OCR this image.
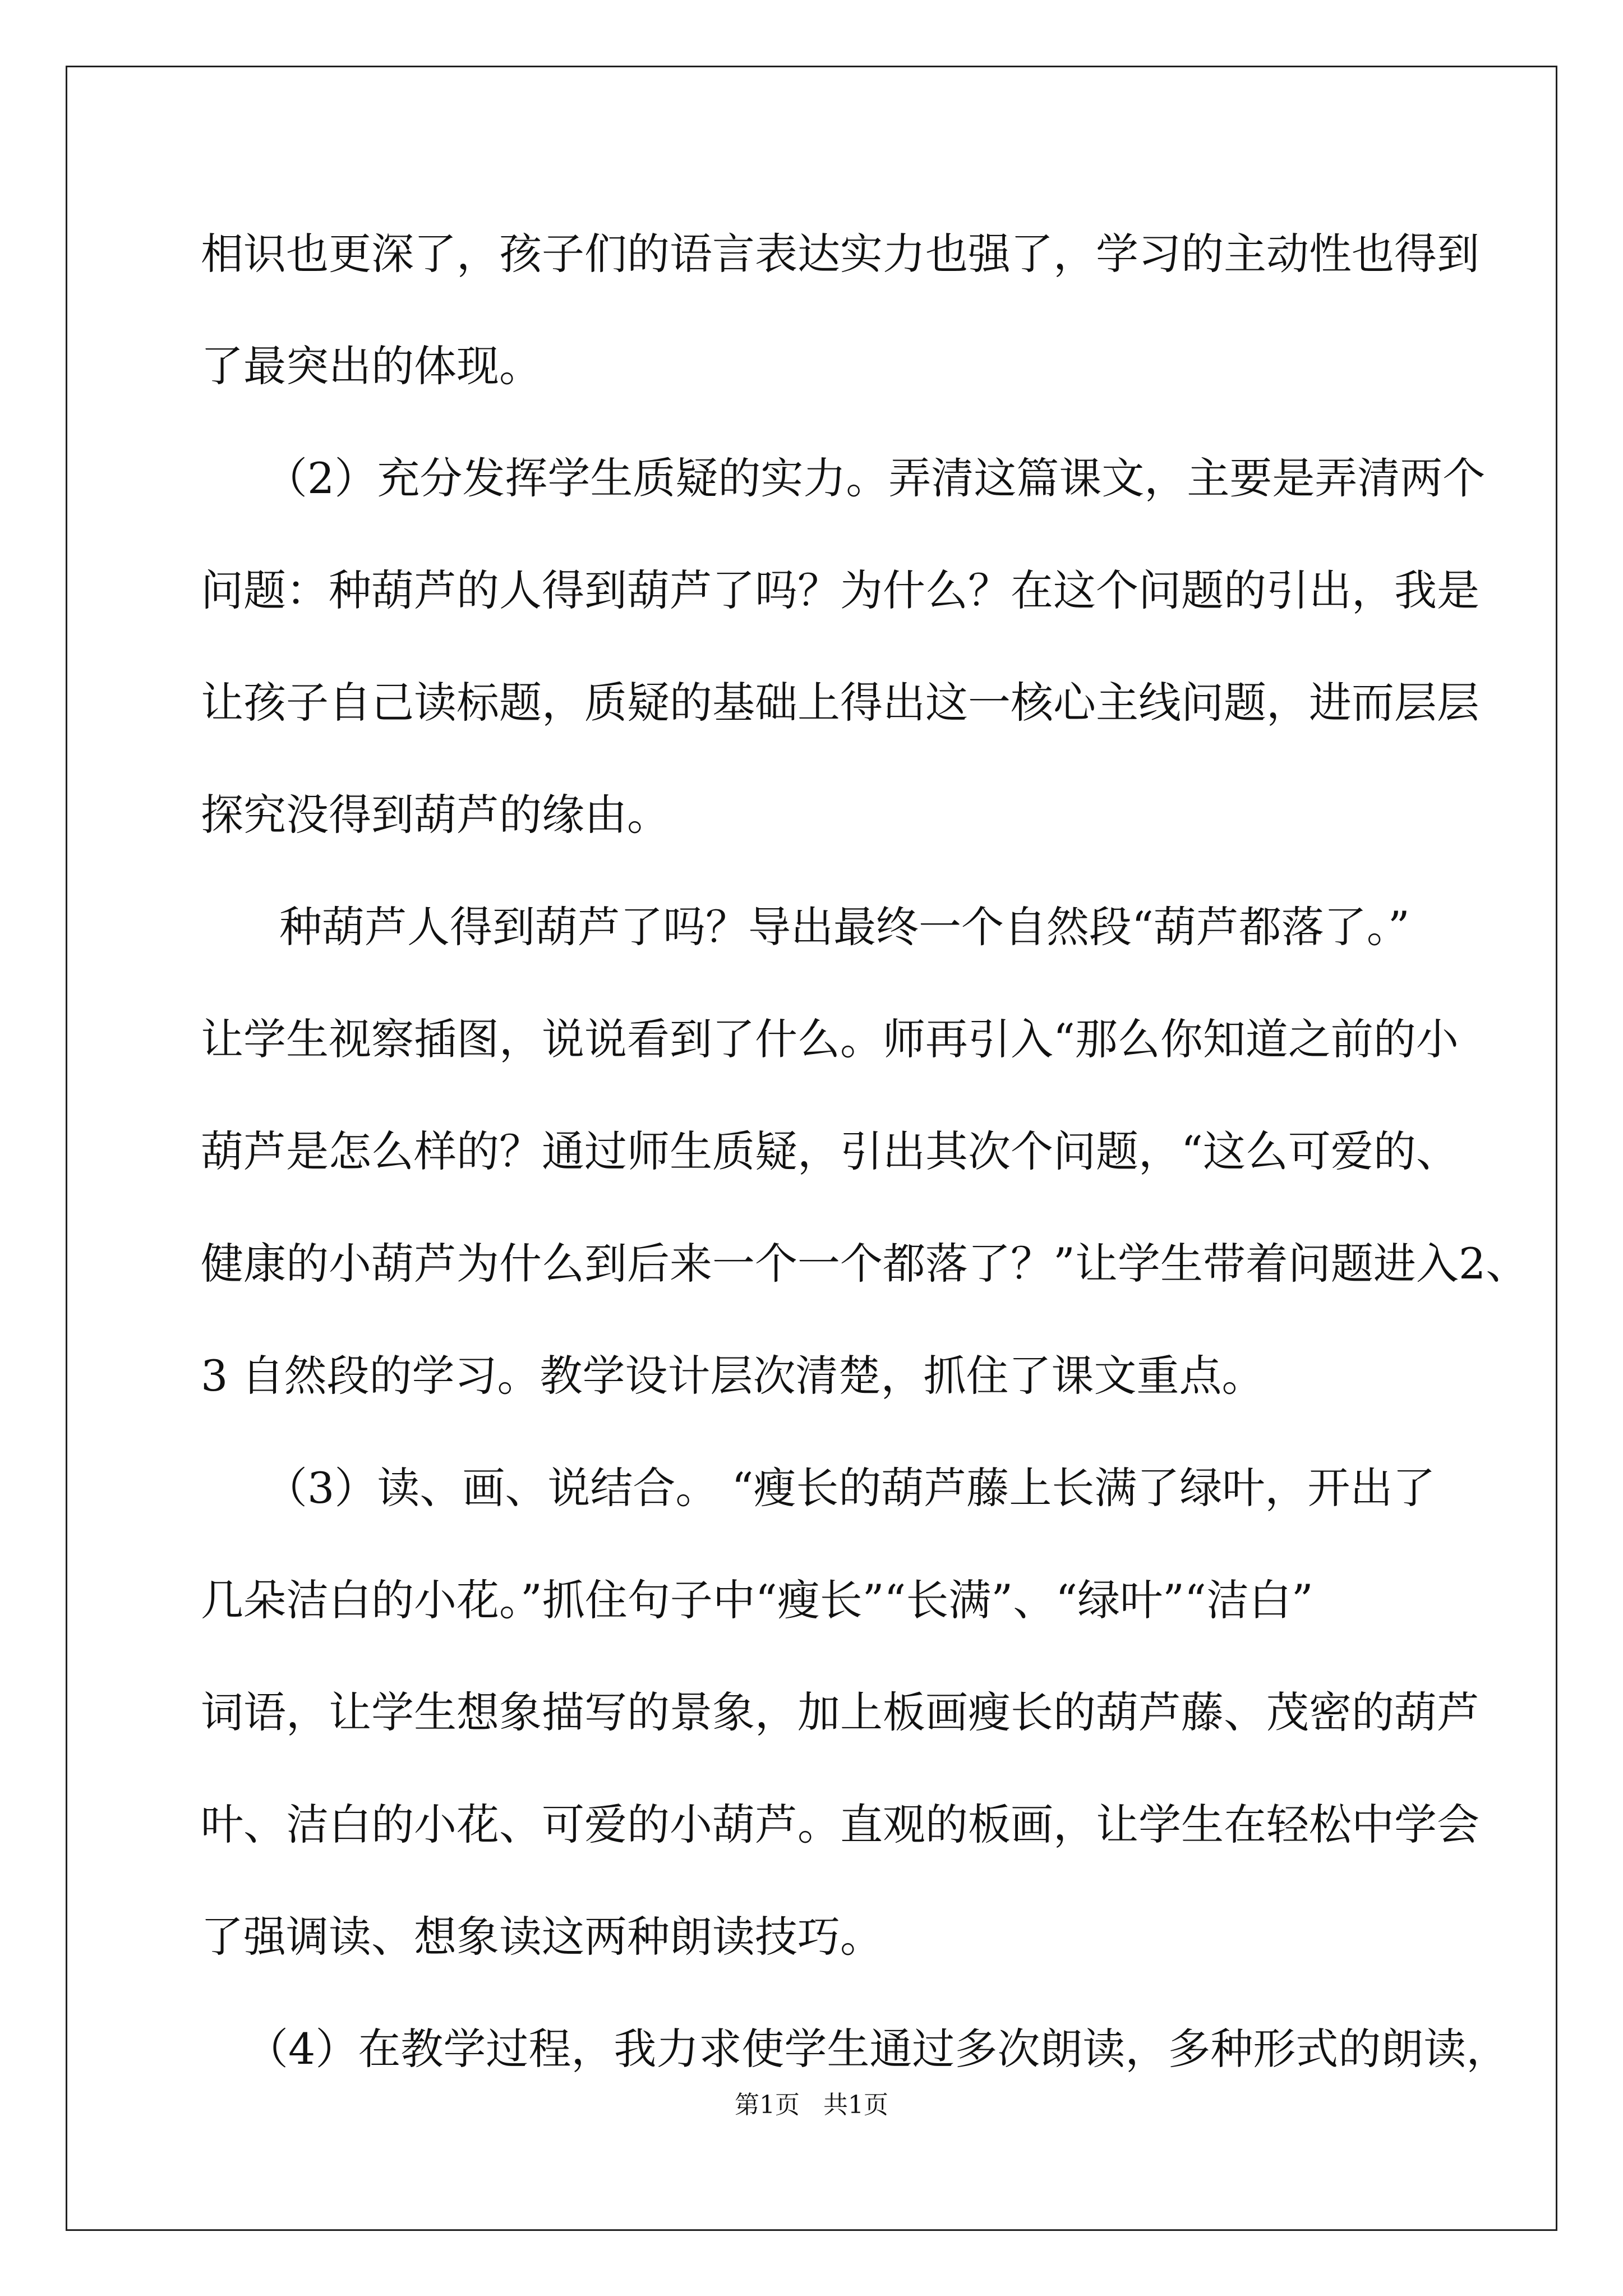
相识也更深了，孩子们的语言表达实力也强了，学习的主动性也得到
了最突出的体现。
（2）充分发挥学生质疑的实力。弄清这篇课文，主要是弄清两个
问题：种葫芦的人得到葫芦了吗？为什么？在这个问题的引出，我是
让孩子自己读标题，质疑的基础上得出这一核心主线问题，进而层层
探究没得到葫芦的缘由。
种葫芦人得到葫芦了吗？导出最终一个自然段“葫芦都落了。”
让学生视察插图，说说看到了什么。师再引入“那么你知道之前的小
葫芦是怎么样的？通过师生质疑，引出其次个问题，“这么可爱的、
健康的小葫芦为什么到后来一个一个都落了？”让学生带着问题进入2、
3 自然段的学习。教学设计层次清楚，抓住了课文重点。
（3）读、画、说结合。 “瘦长的葫芦藤上长满了绿叶，开出了
几朵洁白的小花。”抓住句子中“瘦长”“长满”、“绿叶”“洁白”
词语，让学生想象描写的景象，加上板画瘦长的葫芦藤、茂密的葫芦
叶、洁白的小花、可爱的小葫芦。直观的板画，让学生在轻松中学会
了强调读、想象读这两种朗读技巧。
（4）在教学过程，我力求使学生通过多次朗读，多种形式的朗读，
第1页   共1页
